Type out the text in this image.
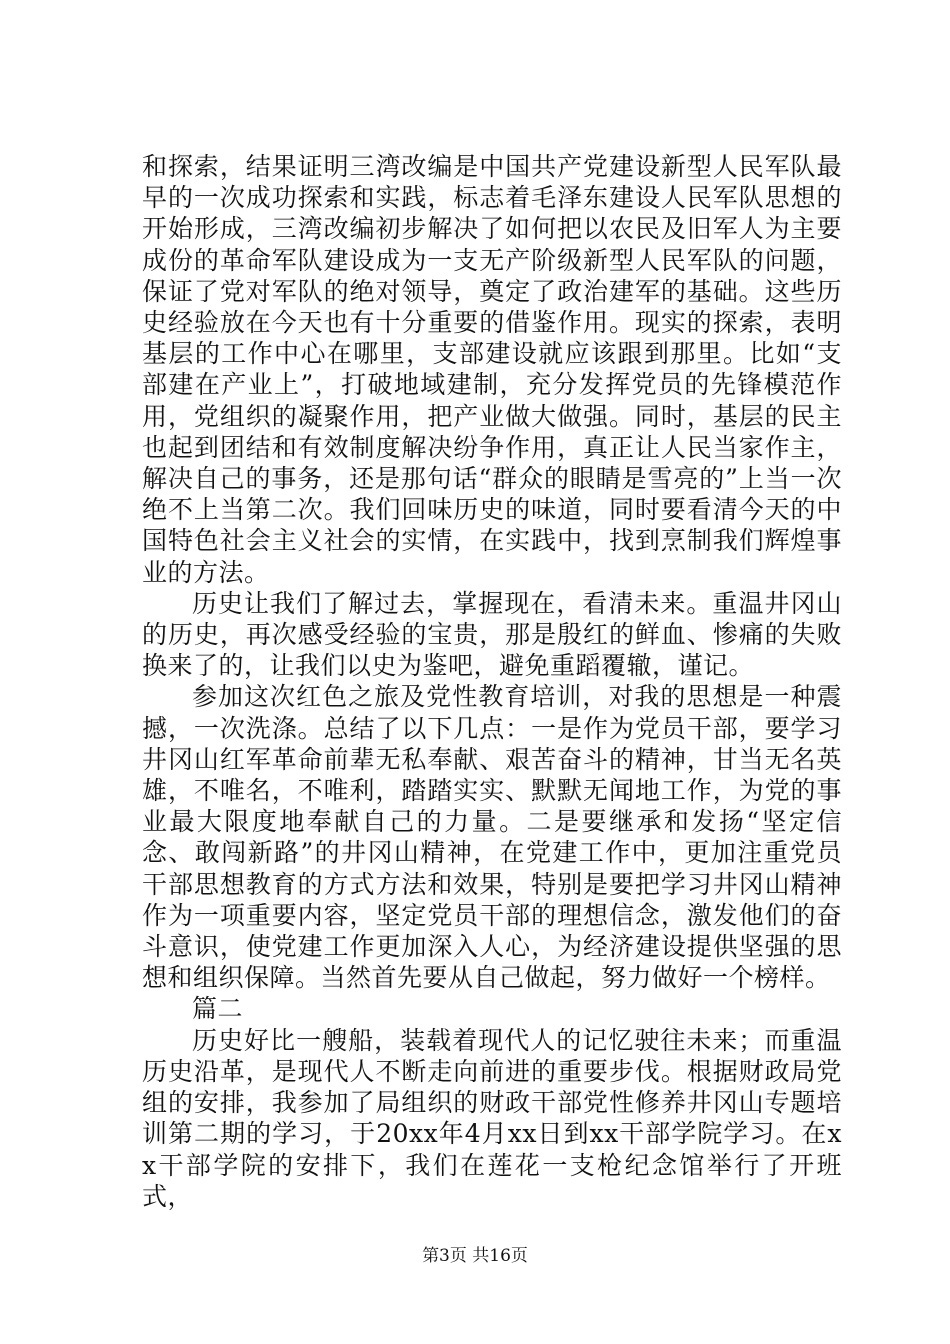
和探索，结果证明三湾改编是中国共产党建设新型人民军队最早的一次成功探索和实践，标志着毛泽东建设人民军队思想的开始形成，三湾改编初步解决了如何把以农民及旧军人为主要成份的革命军队建设成为一支无产阶级新型人民军队的问题，保证了党对军队的绝对领导，奠定了政治建军的基础。这些历史经验放在今天也有十分重要的借鉴作用。现实的探索，表明基层的工作中心在哪里，支部建设就应该跟到那里。比如“支部建在产业上”，打破地域建制，充分发挥党员的先锋模范作用，党组织的凝聚作用，把产业做大做强。同时，基层的民主也起到团结和有效制度解决纷争作用，真正让人民当家作主，解决自己的事务，还是那句话“群众的眼睛是雪亮的”上当一次绝不上当第二次。我们回味历史的味道，同时要看清今天的中国特色社会主义社会的实情，在实践中，找到烹制我们辉煌事业的方法。

历史让我们了解过去，掌握现在，看清未来。重温井冈山的历史，再次感受经验的宝贵，那是殷红的鲜血、惨痛的失败换来了的，让我们以史为鉴吧，避免重蹈覆辙，谨记。

参加这次红色之旅及党性教育培训，对我的思想是一种震撼，一次洗涤。总结了以下几点：一是作为党员干部，要学习井冈山红军革命前辈无私奉献、艰苦奋斗的精神，甘当无名英雄，不唯名，不唯利，踏踏实实、默默无闻地工作，为党的事业最大限度地奉献自己的力量。二是要继承和发扬“坚定信念、敢闯新路”的井冈山精神，在党建工作中，更加注重党员干部思想教育的方式方法和效果，特别是要把学习井冈山精神作为一项重要内容，坚定党员干部的理想信念，激发他们的奋斗意识，使党建工作更加深入人心，为经济建设提供坚强的思想和组织保障。当然首先要从自己做起，努力做好一个榜样。

篇二

历史好比一艘船，装载着现代人的记忆驶往未来；而重温历史沿革，是现代人不断走向前进的重要步伐。根据财政局党组的安排，我参加了局组织的财政干部党性修养井冈山专题培训第二期的学习，于20xx年4月xx日到xx干部学院学习。在xx干部学院的安排下，我们在莲花一支枪纪念馆举行了开班式，

第3页 共16页
